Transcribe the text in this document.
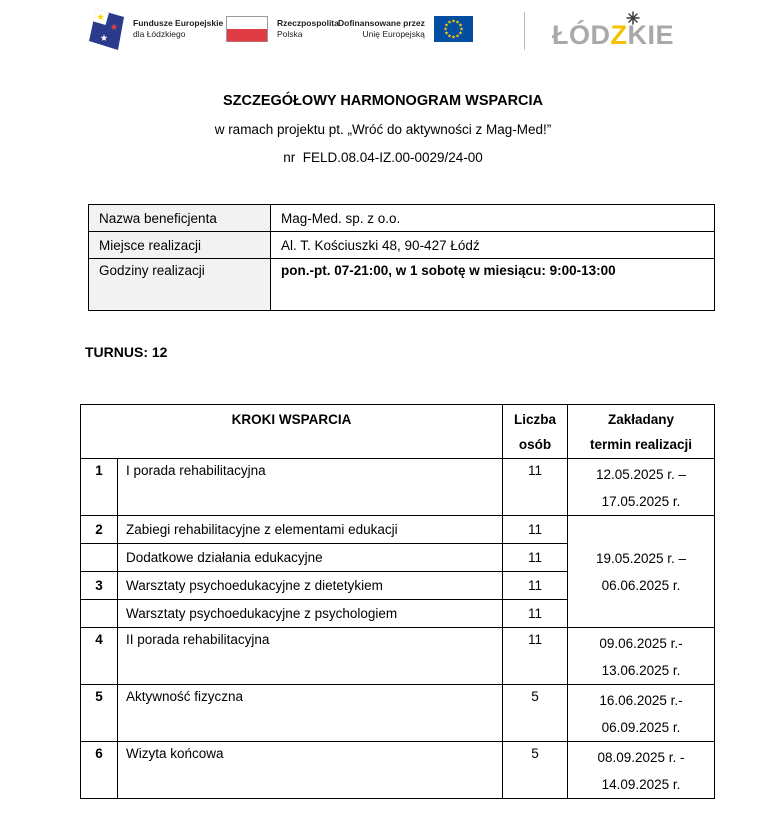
Fundusze Europejskie
dla Łódzkiego
Rzeczpospolita
Polska
Dofinansowane przez
Unię Europejską	ŁÓDZKIE
SZCZEGÓŁOWY HARMONOGRAM WSPARCIA
w ramach projektu pt. „Wróć do aktywności z Mag-Med!”
nr  FELD.08.04-IZ.00-0029/24-00
Nazwa beneficjenta	Mag-Med. sp. z o.o.
Miejsce realizacji	Al. T. Kościuszki 48, 90-427 Łódź
Godziny realizacji	pon.-pt. 07-21:00, w 1 sobotę w miesiącu: 9:00-13:00
TURNUS: 12
KROKI WSPARCIA	Liczba
osób

Zakładany
termin realizacji

1	I porada rehabilitacyjna	11	12.05.2025 r. –
17.05.2025 r.

2	Zabiegi rehabilitacyjne z elementami edukacji	11	19.05.2025 r. –
06.06.2025 r.

	Dodatkowe działania edukacyjne	11	
3	Warsztaty psychoedukacyjne z dietetykiem	11	
	Warsztaty psychoedukacyjne z psychologiem	11	
4	II porada rehabilitacyjna	11	09.06.2025 r.-
13.06.2025 r.

5	Aktywność fizyczna	5	16.06.2025 r.-
06.09.2025 r.

6	Wizyta końcowa	5	08.09.2025 r. -
14.09.2025 r.
